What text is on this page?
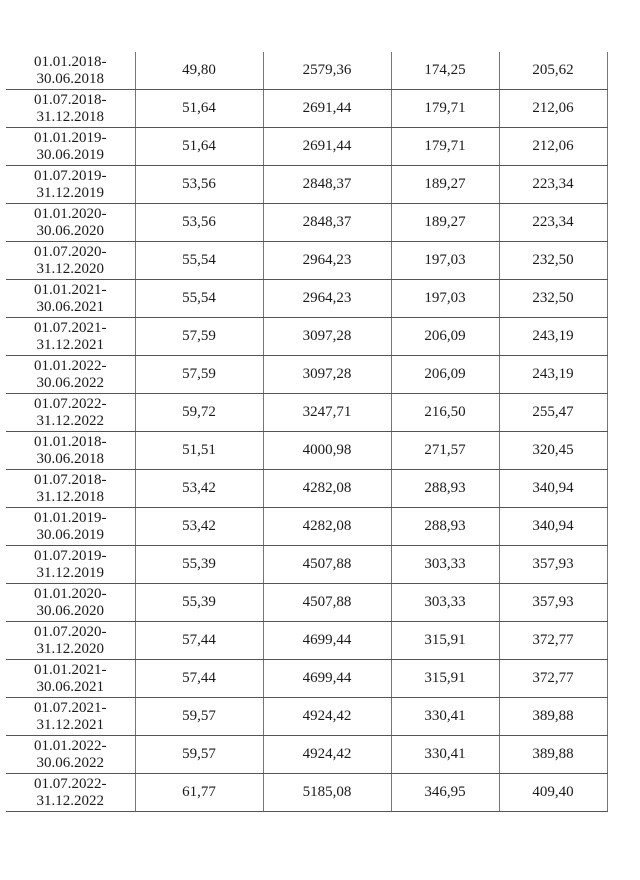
01.01.2018-
30.06.2018	49,80	2579,36	174,25	205,62

01.07.2018-
31.12.2018	51,64	2691,44	179,71	212,06

01.01.2019-
30.06.2019	51,64	2691,44	179,71	212,06

01.07.2019-
31.12.2019	53,56	2848,37	189,27	223,34

01.01.2020-
30.06.2020	53,56	2848,37	189,27	223,34

01.07.2020-
31.12.2020	55,54	2964,23	197,03	232,50

01.01.2021-
30.06.2021	55,54	2964,23	197,03	232,50

01.07.2021-
31.12.2021	57,59	3097,28	206,09	243,19

01.01.2022-
30.06.2022	57,59	3097,28	206,09	243,19

01.07.2022-
31.12.2022	59,72	3247,71	216,50	255,47

01.01.2018-
30.06.2018	51,51	4000,98	271,57	320,45

01.07.2018-
31.12.2018	53,42	4282,08	288,93	340,94

01.01.2019-
30.06.2019	53,42	4282,08	288,93	340,94

01.07.2019-
31.12.2019	55,39	4507,88	303,33	357,93

01.01.2020-
30.06.2020	55,39	4507,88	303,33	357,93

01.07.2020-
31.12.2020	57,44	4699,44	315,91	372,77

01.01.2021-
30.06.2021	57,44	4699,44	315,91	372,77

01.07.2021-
31.12.2021	59,57	4924,42	330,41	389,88

01.01.2022-
30.06.2022	59,57	4924,42	330,41	389,88

01.07.2022-
31.12.2022	61,77	5185,08	346,95	409,40
